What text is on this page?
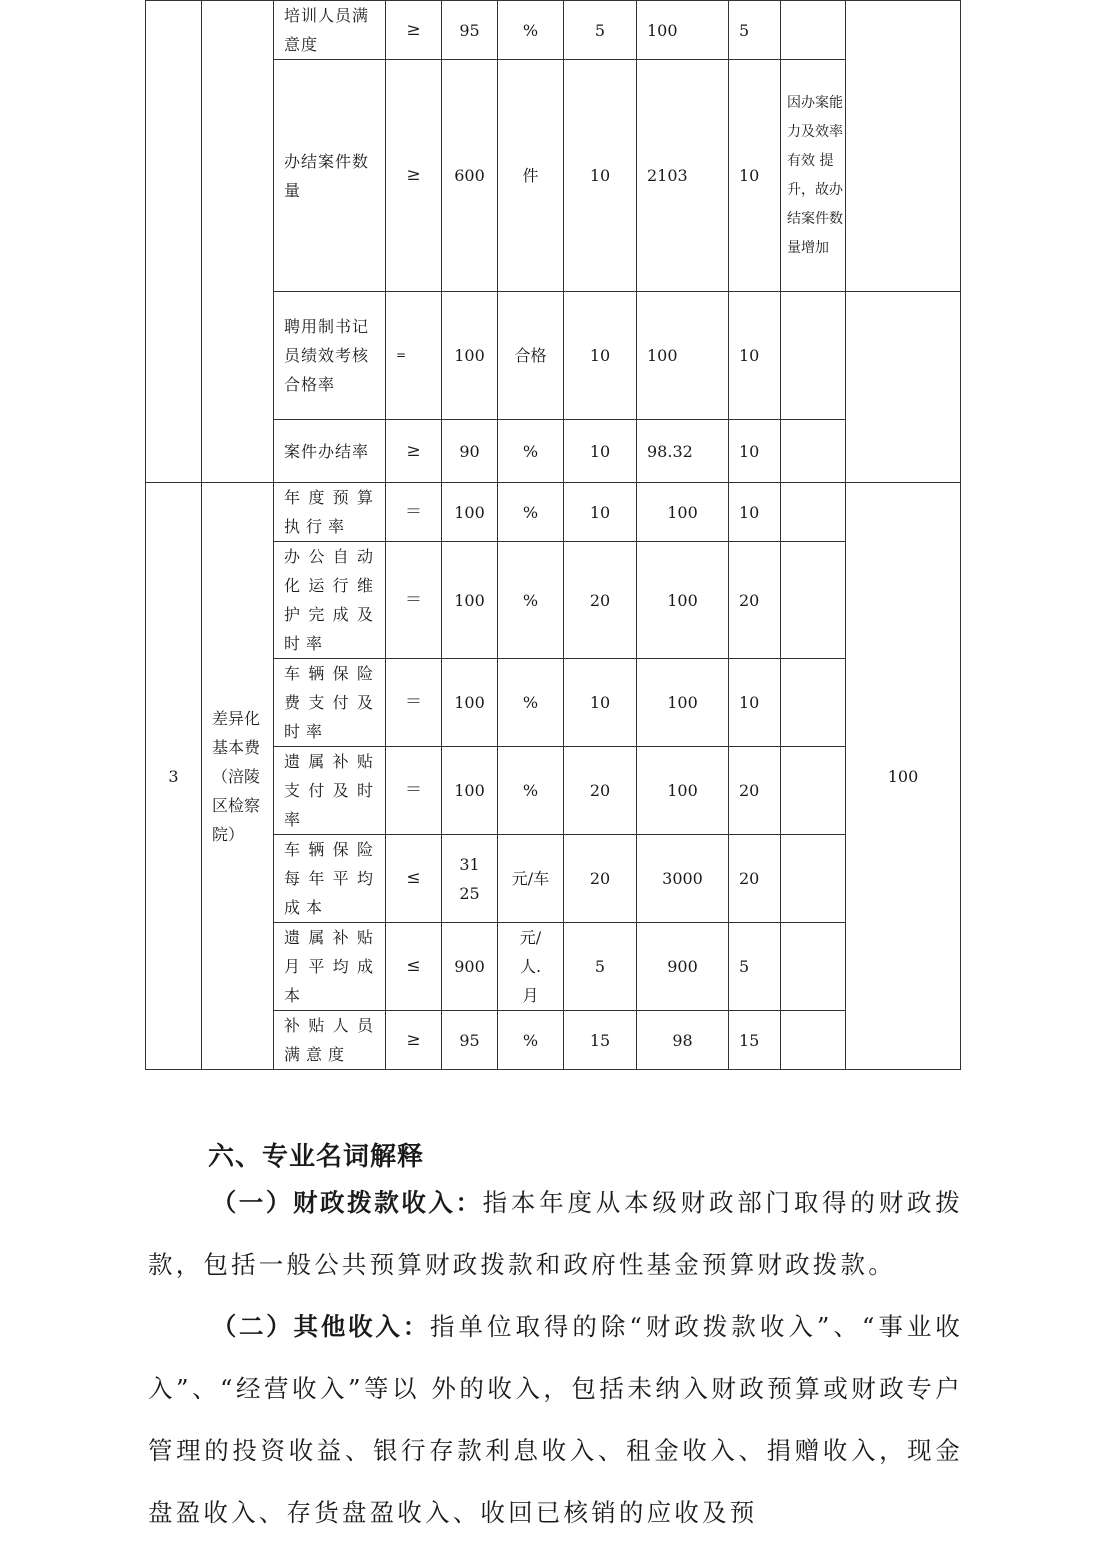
		培训人员满意度	≥	95	%	5	100	5		
		办结案件数量	≥	600	件	10	2103	10	因办案能力及效率有效 提升，故办结案件数量增加	
		聘用制书记员绩效考核合格率	=	100	合格	10	100	10		
		案件办结率	≥	90	%	10	98.32	10		
3	差异化基本费（涪陵区检察院）	年度预算执行率	＝	100	%	10	100	10		100
		办公自动化运行维护完成及时率	＝	100	%	20	100	20		
		车辆保险费支付及时率	＝	100	%	10	100	10		
		遗属补贴支付及时率	＝	100	%	20	100	20		
		车辆保险每年平均成本	≤	3125	元/车	20	3000	20		
		遗属补贴月平均成本	≤	900	元/人.月	5	900	5		
		补贴人员满意度	≥	95	%	15	98	15		
六、专业名词解释
（一）财政拨款收入：指本年度从本级财政部门取得的财政拨款，包括一般公共预算财政拨款和政府性基金预算财政拨款。
（二）其他收入：指单位取得的除“财政拨款收入”、“事业收入”、“经营收入”等以 外的收入，包括未纳入财政预算或财政专户管理的投资收益、银行存款利息收入、租金收入、捐赠收入，现金盘盈收入、存货盘盈收入、收回已核销的应收及预
